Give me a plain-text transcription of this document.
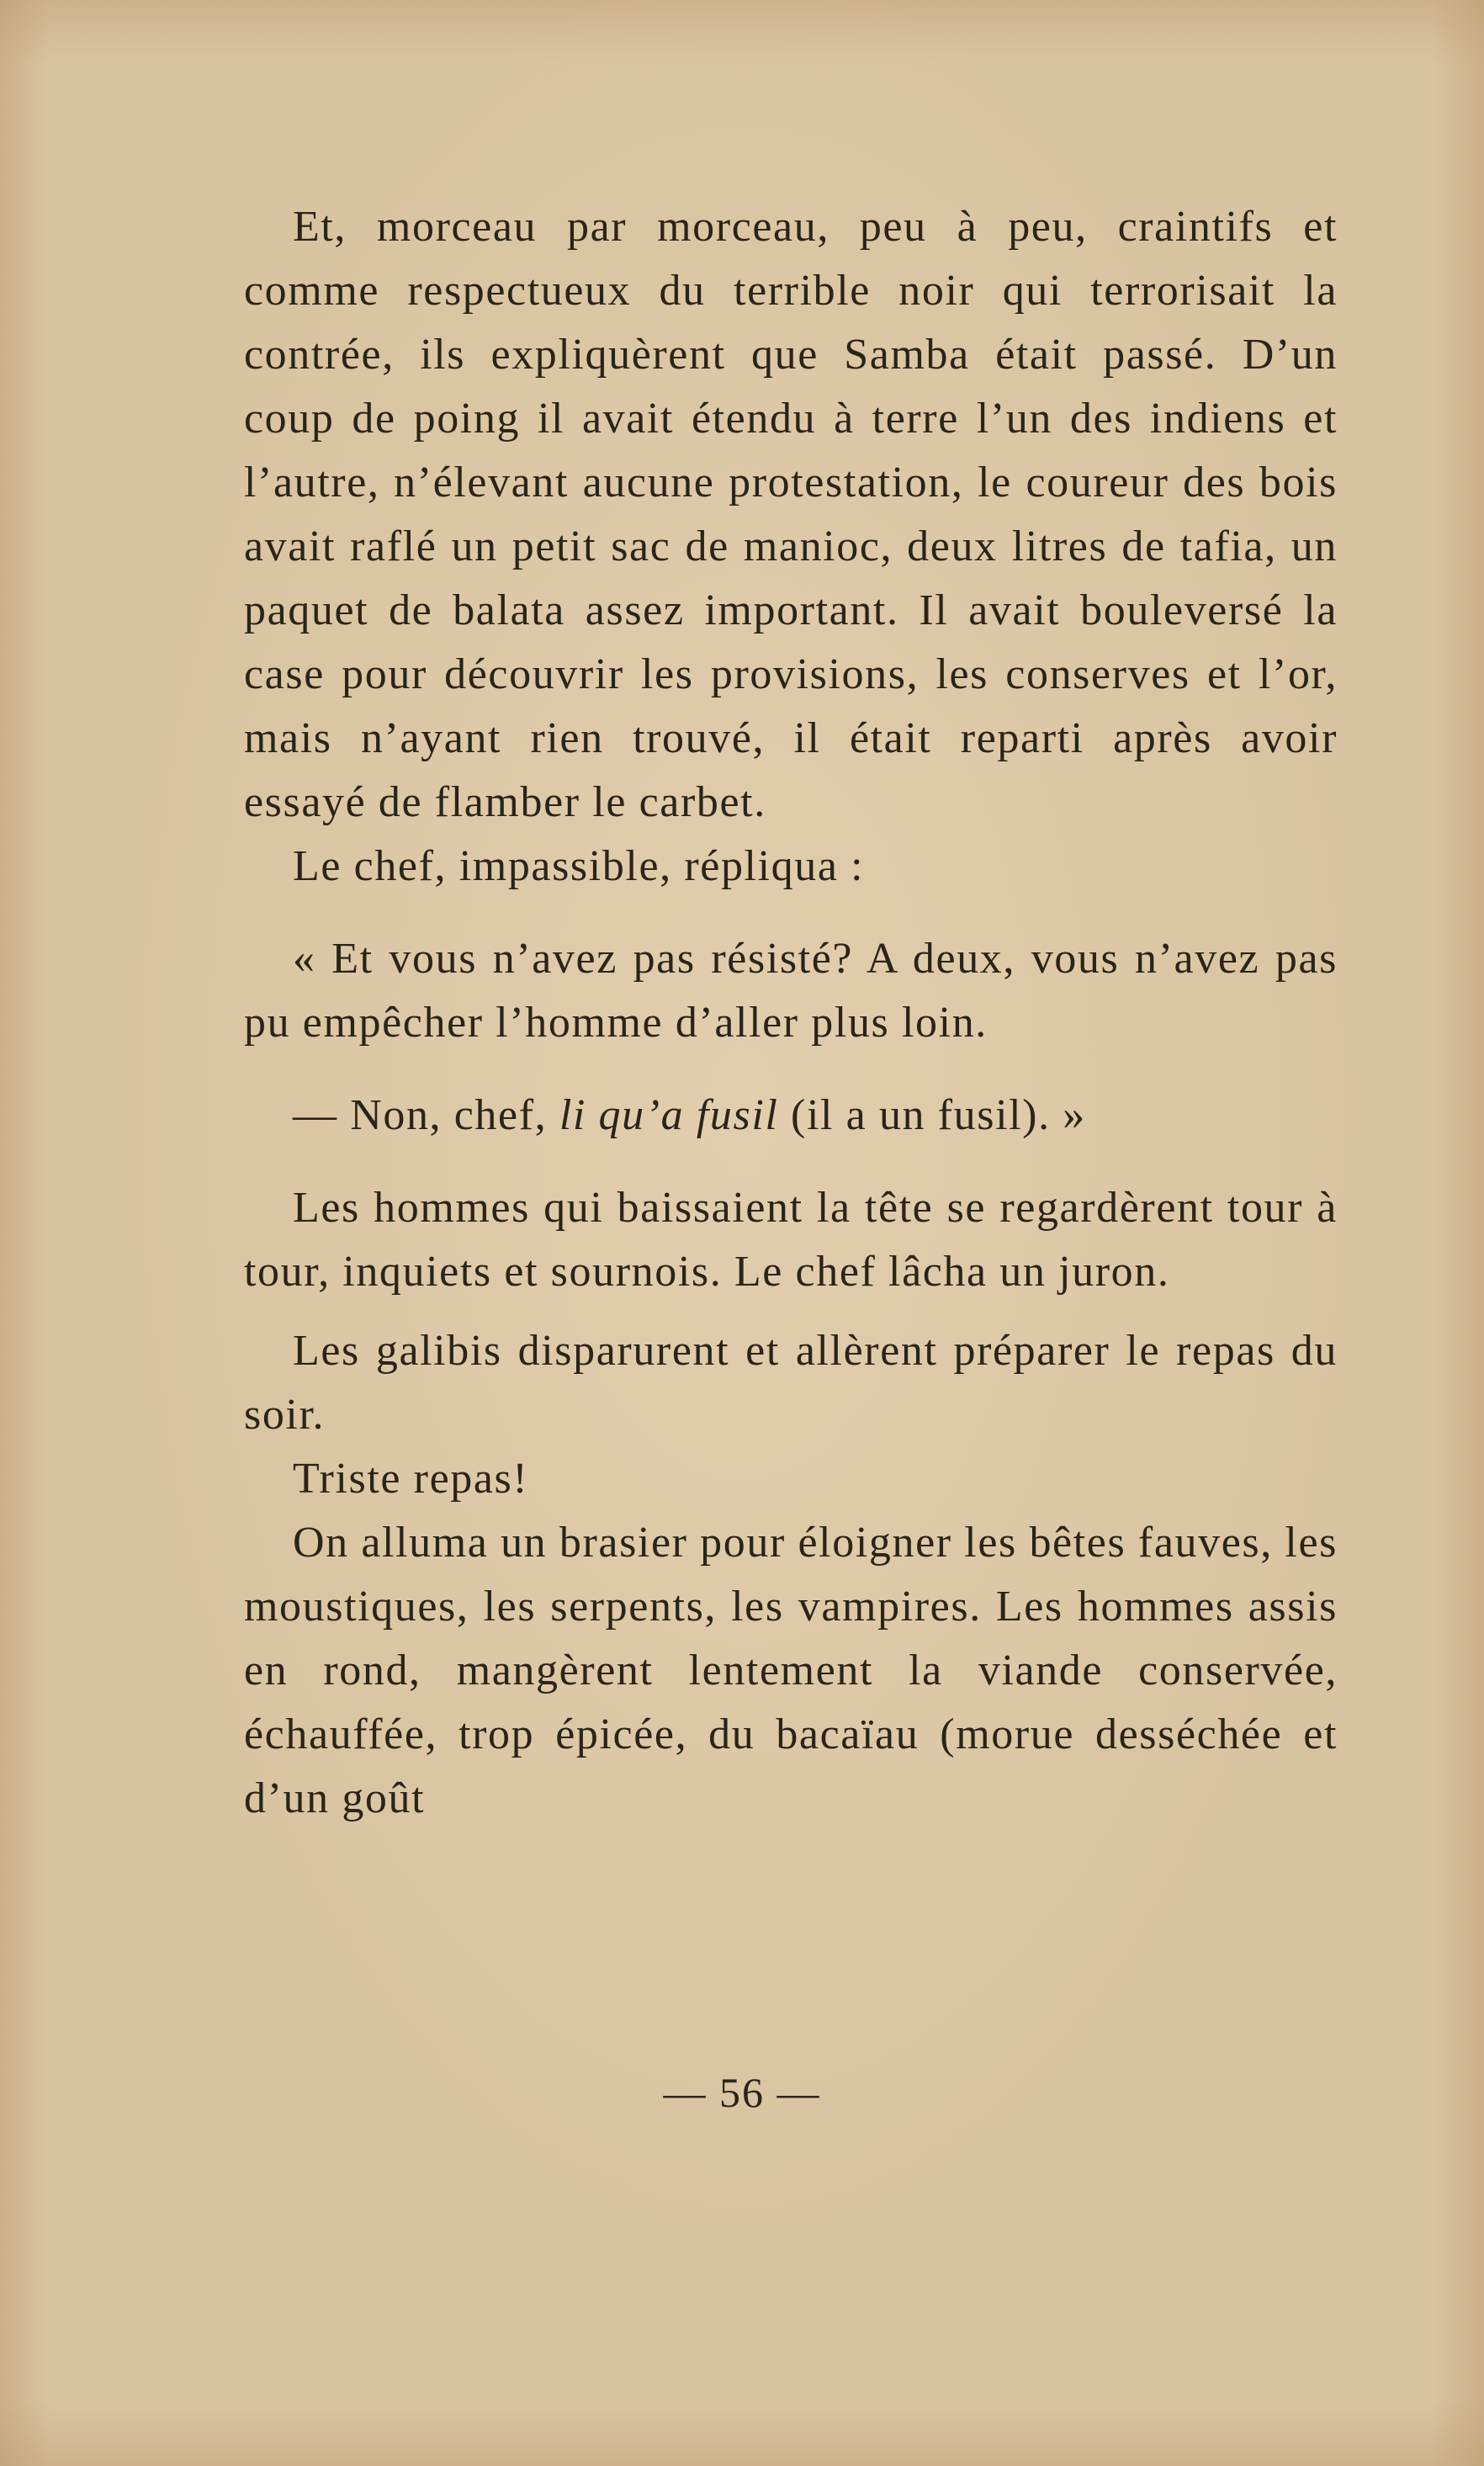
Et, morceau par morceau, peu à peu, craintifs et comme respectueux du terrible noir qui terrorisait la contrée, ils expliquèrent que Samba était passé. D’un coup de poing il avait étendu à terre l’un des indiens et l’autre, n’élevant aucune protestation, le coureur des bois avait raflé un petit sac de manioc, deux litres de tafia, un paquet de balata assez important. Il avait bouleversé la case pour découvrir les provisions, les conserves et l’or, mais n’ayant rien trouvé, il était reparti après avoir essayé de flamber le carbet.

Le chef, impassible, répliqua :

« Et vous n’avez pas résisté? A deux, vous n’avez pas pu empêcher l’homme d’aller plus loin.

— Non, chef, li qu’a fusil (il a un fusil). »

Les hommes qui baissaient la tête se regardèrent tour à tour, inquiets et sournois. Le chef lâcha un juron.

Les galibis disparurent et allèrent préparer le repas du soir.

Triste repas!

On alluma un brasier pour éloigner les bêtes fauves, les moustiques, les serpents, les vampires. Les hommes assis en rond, mangèrent lentement la viande conservée, échauffée, trop épicée, du bacaïau (morue desséchée et d’un goût

— 56 —
